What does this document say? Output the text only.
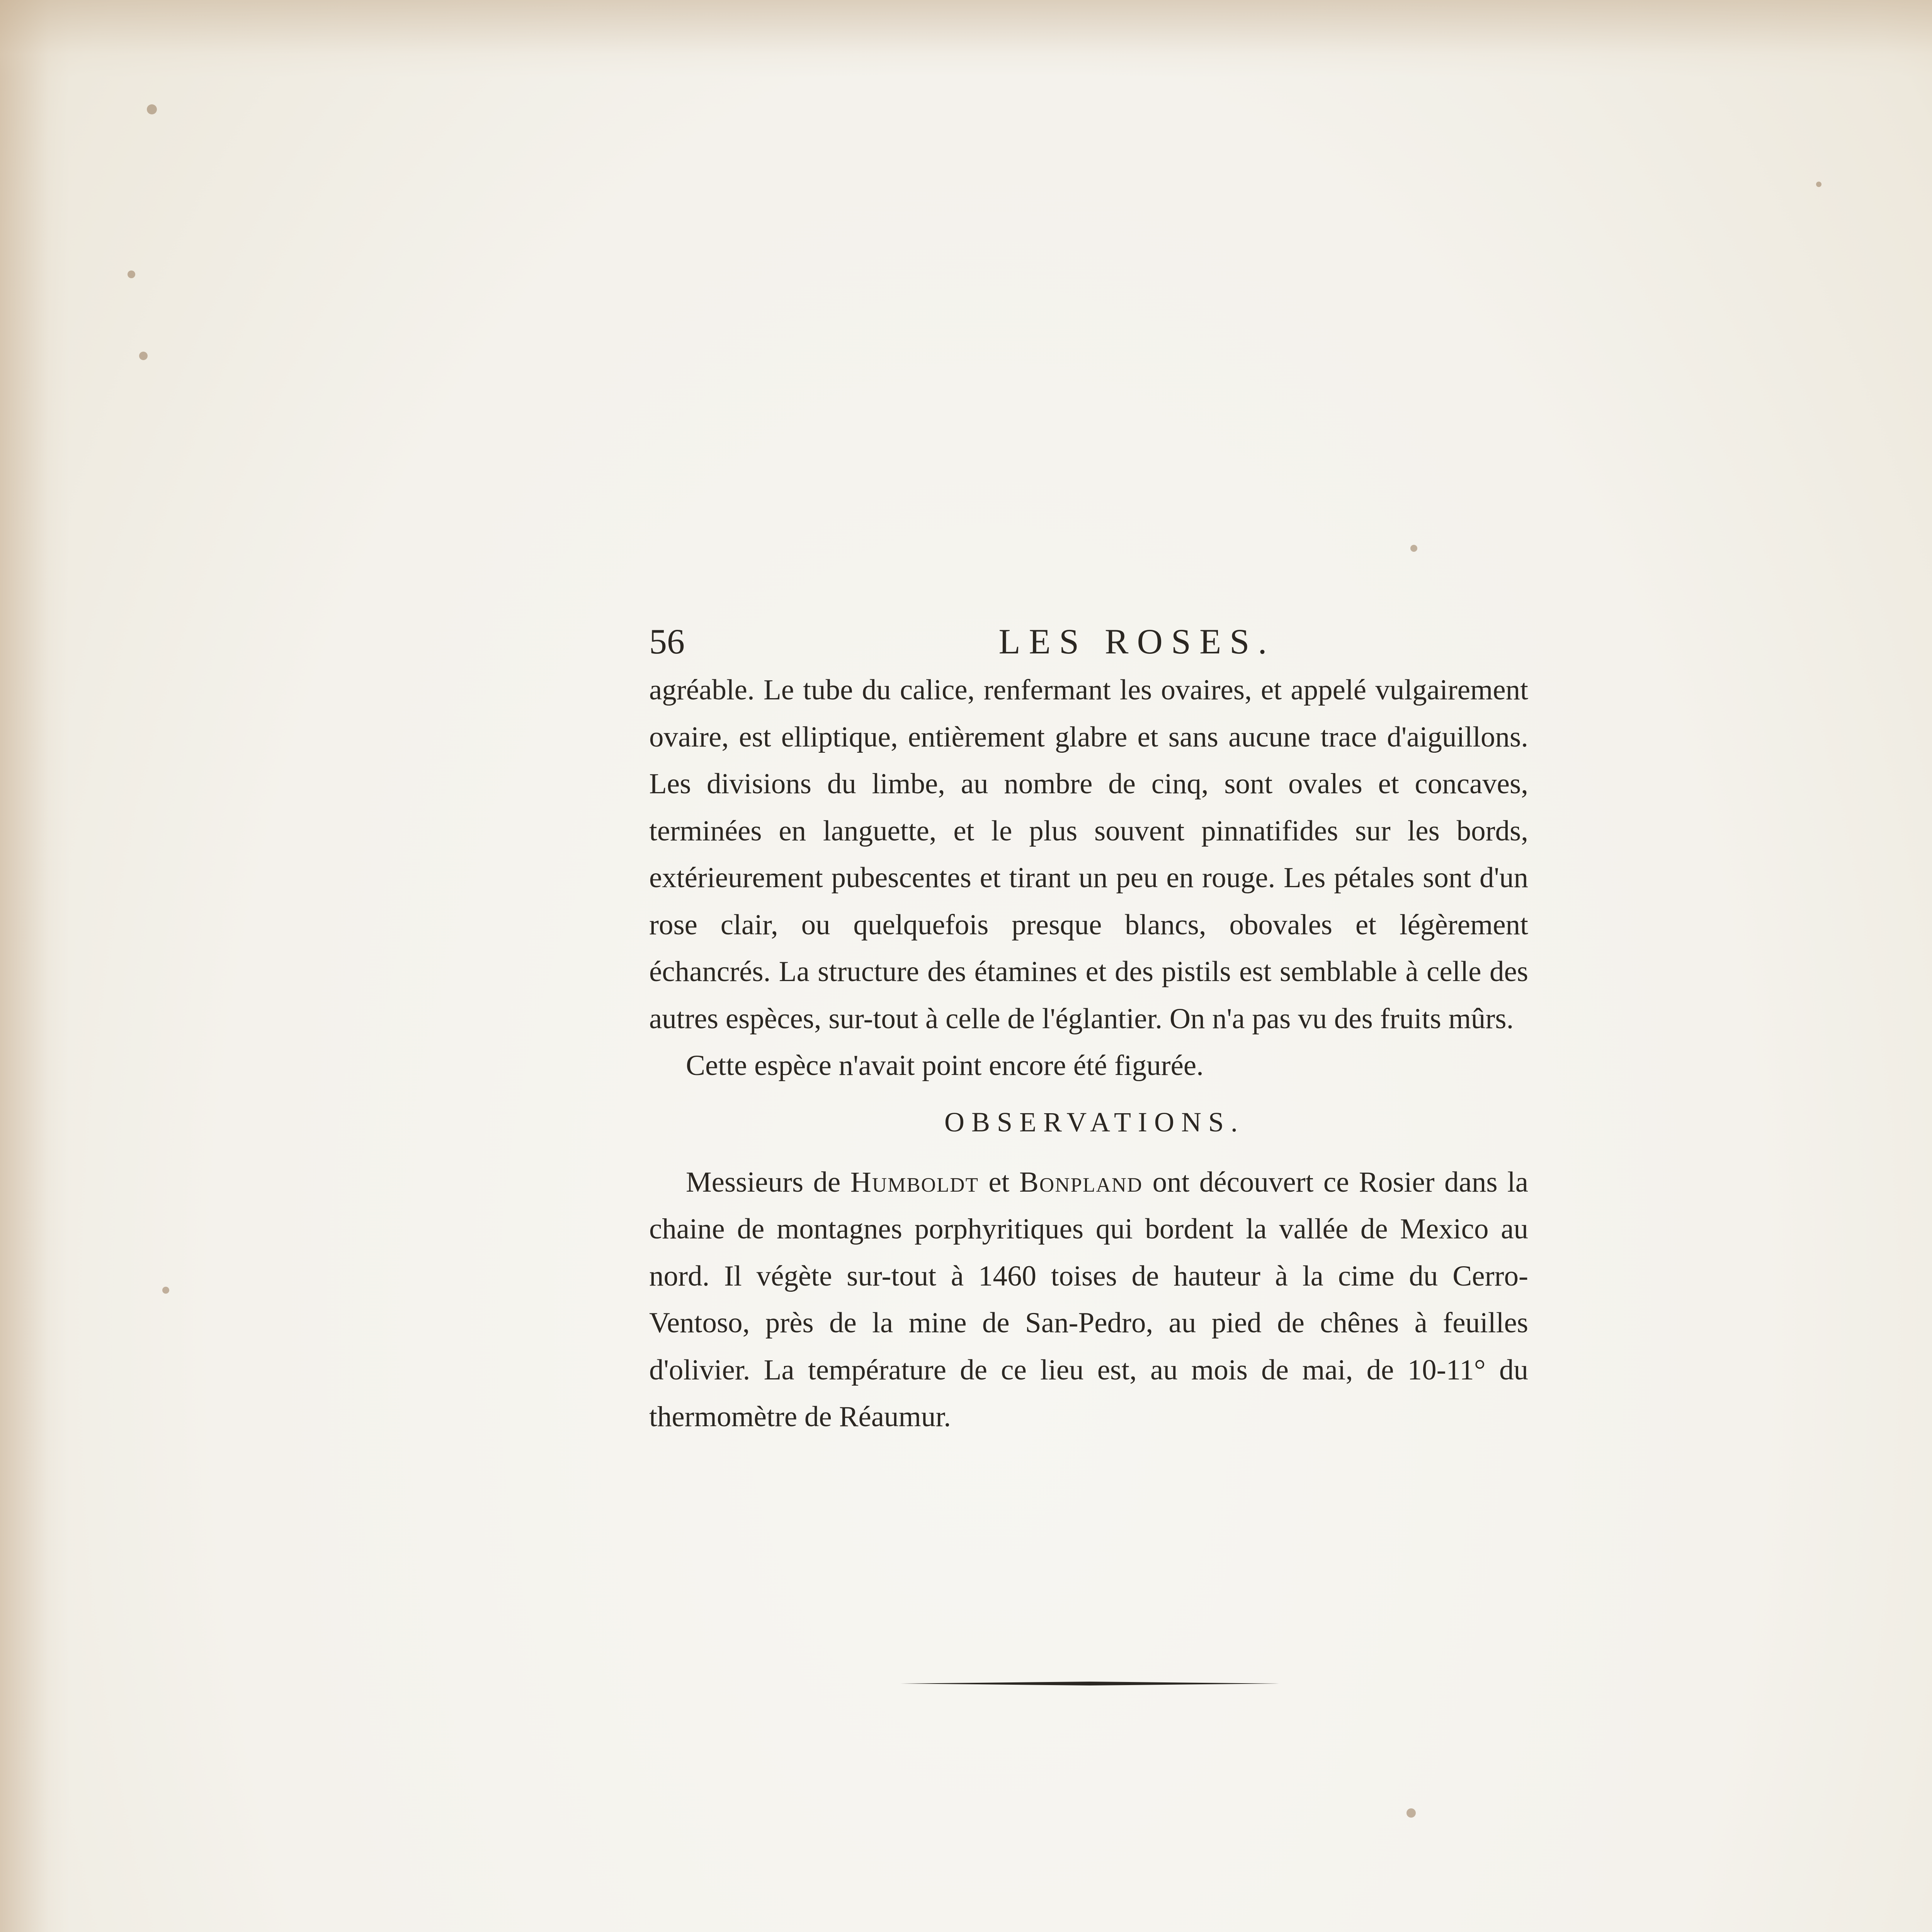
56	LES ROSES.

agréable. Le tube du calice, renfermant les ovaires, et appelé vulgairement ovaire, est elliptique, entièrement glabre et sans aucune trace d'aiguillons. Les divisions du limbe, au nombre de cinq, sont ovales et concaves, terminées en languette, et le plus souvent pinnatifides sur les bords, extérieurement pubescentes et tirant un peu en rouge. Les pétales sont d'un rose clair, ou quelquefois presque blancs, obovales et légèrement échancrés. La structure des étamines et des pistils est semblable à celle des autres espèces, sur-tout à celle de l'églantier. On n'a pas vu des fruits mûrs.

Cette espèce n'avait point encore été figurée.

OBSERVATIONS.

Messieurs de Humboldt et Bonpland ont découvert ce Rosier dans la chaine de montagnes porphyritiques qui bordent la vallée de Mexico au nord. Il végète sur-tout à 1460 toises de hauteur à la cime du Cerro-Ventoso, près de la mine de San-Pedro, au pied de chênes à feuilles d'olivier. La température de ce lieu est, au mois de mai, de 10-11° du thermomètre de Réaumur.
